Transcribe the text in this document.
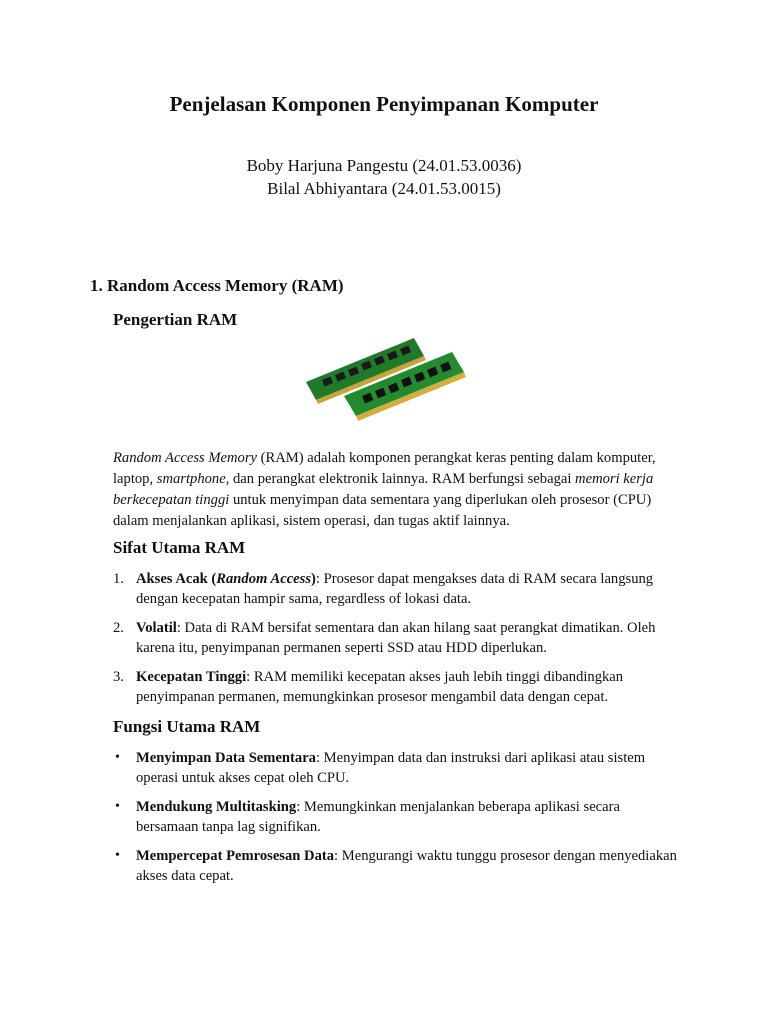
Penjelasan Komponen Penyimpanan Komputer
Boby Harjuna Pangestu (24.01.53.0036)
Bilal Abhiyantara (24.01.53.0015)
1. Random Access Memory (RAM)
Pengertian RAM

Random Access Memory (RAM) adalah komponen perangkat keras penting dalam komputer, laptop, smartphone, dan perangkat elektronik lainnya. RAM berfungsi sebagai memori kerja berkecepatan tinggi untuk menyimpan data sementara yang diperlukan oleh prosesor (CPU) dalam menjalankan aplikasi, sistem operasi, dan tugas aktif lainnya.

Sifat Utama RAM
1. Akses Acak (Random Access): Prosesor dapat mengakses data di RAM secara langsung dengan kecepatan hampir sama, regardless of lokasi data.
2. Volatil: Data di RAM bersifat sementara dan akan hilang saat perangkat dimatikan. Oleh karena itu, penyimpanan permanen seperti SSD atau HDD diperlukan.
3. Kecepatan Tinggi: RAM memiliki kecepatan akses jauh lebih tinggi dibandingkan penyimpanan permanen, memungkinkan prosesor mengambil data dengan cepat.
Fungsi Utama RAM
• Menyimpan Data Sementara: Menyimpan data dan instruksi dari aplikasi atau sistem operasi untuk akses cepat oleh CPU.
• Mendukung Multitasking: Memungkinkan menjalankan beberapa aplikasi secara bersamaan tanpa lag signifikan.
• Mempercepat Pemrosesan Data: Mengurangi waktu tunggu prosesor dengan menyediakan akses data cepat.
